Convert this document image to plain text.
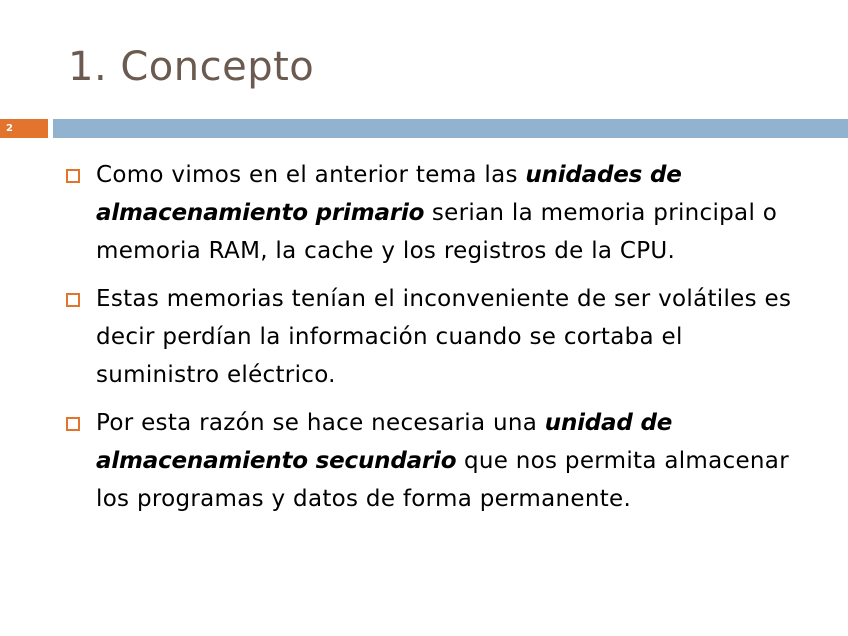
1. Concepto
2
Como vimos en el anterior tema las unidades de almacenamiento primario serian la memoria principal o memoria RAM, la cache y los registros de la CPU.
Estas memorias tenían el inconveniente de ser volátiles es decir perdían la información cuando se cortaba el suministro eléctrico.
Por esta razón se hace necesaria una unidad de almacenamiento secundario que nos permita almacenar los programas y datos de forma permanente.
